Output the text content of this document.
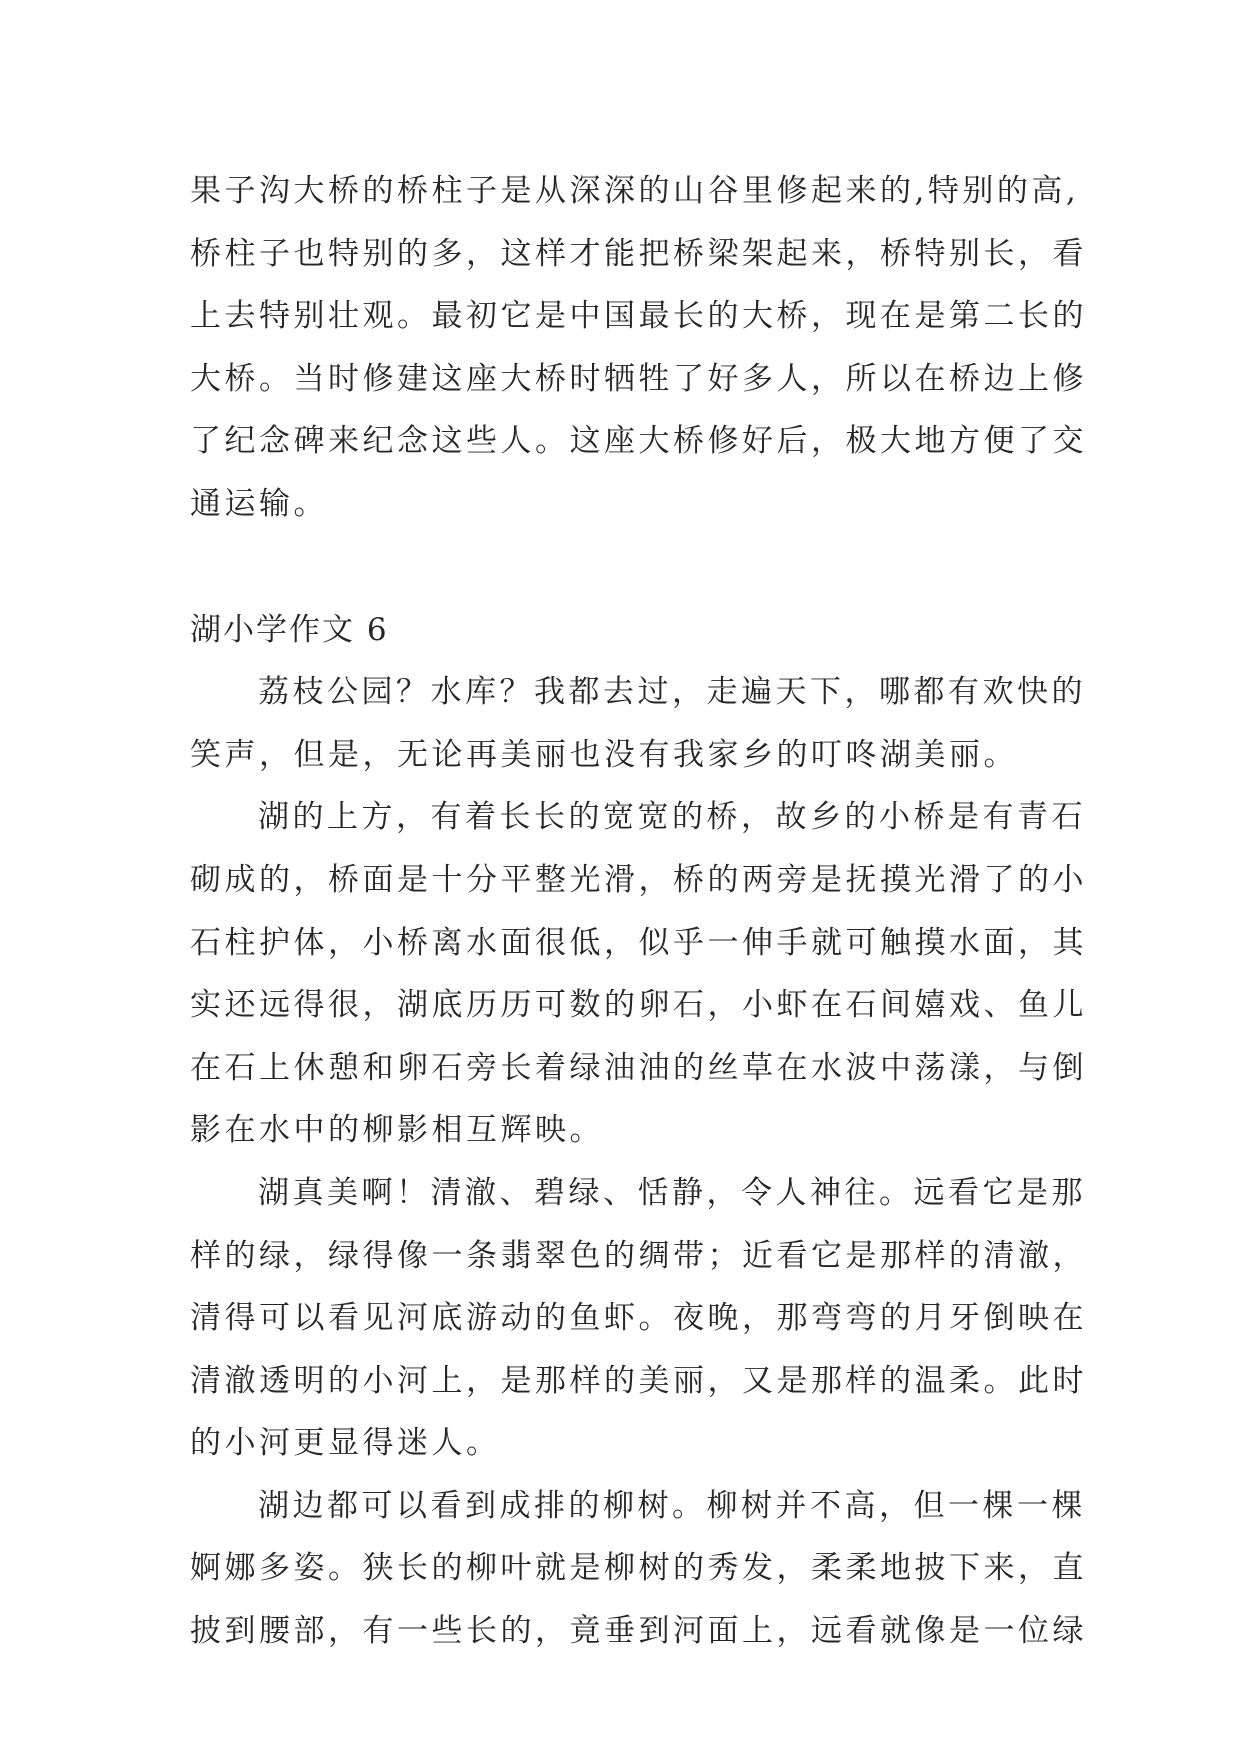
果子沟大桥的桥柱子是从深深的山谷里修起来的,特别的高,
桥柱子也特别的多，这样才能把桥梁架起来，桥特别长，看
上去特别壮观。最初它是中国最长的大桥，现在是第二长的
大桥。当时修建这座大桥时牺牲了好多人，所以在桥边上修
了纪念碑来纪念这些人。这座大桥修好后，极大地方便了交
通运输。
湖小学作文 6
荔枝公园？水库？我都去过，走遍天下，哪都有欢快的
笑声，但是，无论再美丽也没有我家乡的叮咚湖美丽。
湖的上方，有着长长的宽宽的桥，故乡的小桥是有青石
砌成的，桥面是十分平整光滑，桥的两旁是抚摸光滑了的小
石柱护体，小桥离水面很低，似乎一伸手就可触摸水面，其
实还远得很，湖底历历可数的卵石，小虾在石间嬉戏、鱼儿
在石上休憩和卵石旁长着绿油油的丝草在水波中荡漾，与倒
影在水中的柳影相互辉映。
湖真美啊！清澈、碧绿、恬静，令人神往。远看它是那
样的绿，绿得像一条翡翠色的绸带；近看它是那样的清澈，
清得可以看见河底游动的鱼虾。夜晚，那弯弯的月牙倒映在
清澈透明的小河上，是那样的美丽，又是那样的温柔。此时
的小河更显得迷人。
湖边都可以看到成排的柳树。柳树并不高，但一棵一棵
婀娜多姿。狭长的柳叶就是柳树的秀发，柔柔地披下来，直
披到腰部，有一些长的，竟垂到河面上，远看就像是一位绿
